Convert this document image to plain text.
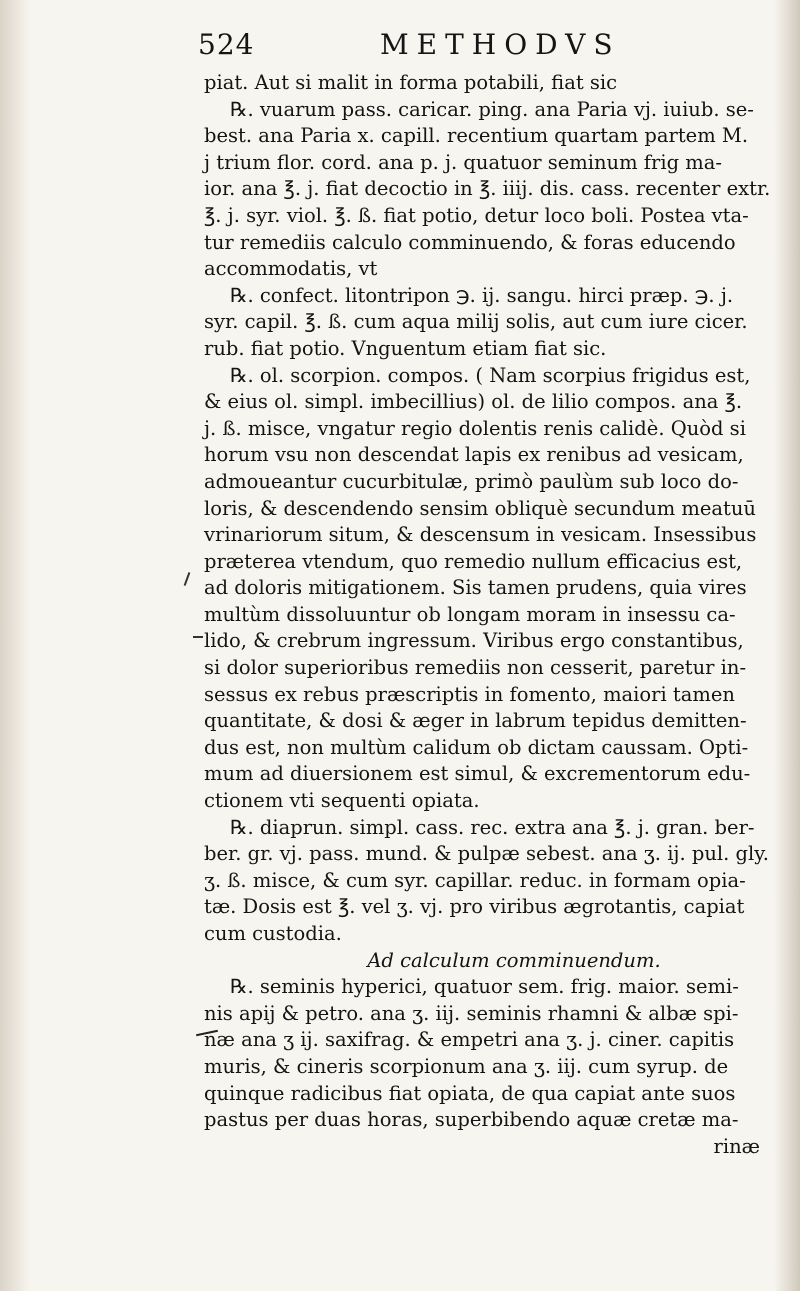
524	METHODVS
piat. Aut si malit in forma potabili, fiat sic
℞. vuarum pass. caricar. ping. ana Paria vj. iuiub. se-
best. ana Paria x. capill. recentium quartam partem M.
j trium flor. cord. ana p. j. quatuor seminum frig ma-
ior. ana ℥. j. fiat decoctio in ℥. iiij. dis. cass. recenter extr.
℥. j. syr. viol. ℥. ß. fiat potio, detur loco boli. Postea vta-
tur remediis calculo comminuendo, & foras educendo
accommodatis, vt
℞. confect. litontripon ℈. ij. sangu. hirci præp. ℈. j.
syr. capil. ℥. ß. cum aqua milij solis, aut cum iure cicer.
rub. fiat potio. Vnguentum etiam fiat sic.
℞. ol. scorpion. compos. ( Nam scorpius frigidus est,
& eius ol. simpl. imbecillius) ol. de lilio compos. ana ℥.
j. ß. misce, vngatur regio dolentis renis calidè. Quòd si
horum vsu non descendat lapis ex renibus ad vesicam,
admoueantur cucurbitulæ, primò paulùm sub loco do-
loris, & descendendo sensim obliquè secundum meatuū
vrinariorum situm, & descensum in vesicam. Insessibus
præterea vtendum, quo remedio nullum efficacius est,
ad doloris mitigationem. Sis tamen prudens, quia vires
multùm dissoluuntur ob longam moram in insessu ca-
lido, & crebrum ingressum. Viribus ergo constantibus,
si dolor superioribus remediis non cesserit, paretur in-
sessus ex rebus præscriptis in fomento, maiori tamen
quantitate, & dosi & æger in labrum tepidus demitten-
dus est, non multùm calidum ob dictam caussam. Opti-
mum ad diuersionem est simul, & excrementorum edu-
ctionem vti sequenti opiata.
℞. diaprun. simpl. cass. rec. extra ana ℥. j. gran. ber-
ber. gr. vj. pass. mund. & pulpæ sebest. ana ʒ. ij. pul. gly.
ʒ. ß. misce, & cum syr. capillar. reduc. in formam opia-
tæ. Dosis est ℥. vel ʒ. vj. pro viribus ægrotantis, capiat
cum custodia.
Ad calculum comminuendum.
℞. seminis hyperici, quatuor sem. frig. maior. semi-
nis apij & petro. ana ʒ. iij. seminis rhamni & albæ spi-
næ ana ʒ ij. saxifrag. & empetri ana ʒ. j. ciner. capitis
muris, & cineris scorpionum ana ʒ. iij. cum syrup. de
quinque radicibus fiat opiata, de qua capiat ante suos
pastus per duas horas, superbibendo aquæ cretæ ma-
rinæ
